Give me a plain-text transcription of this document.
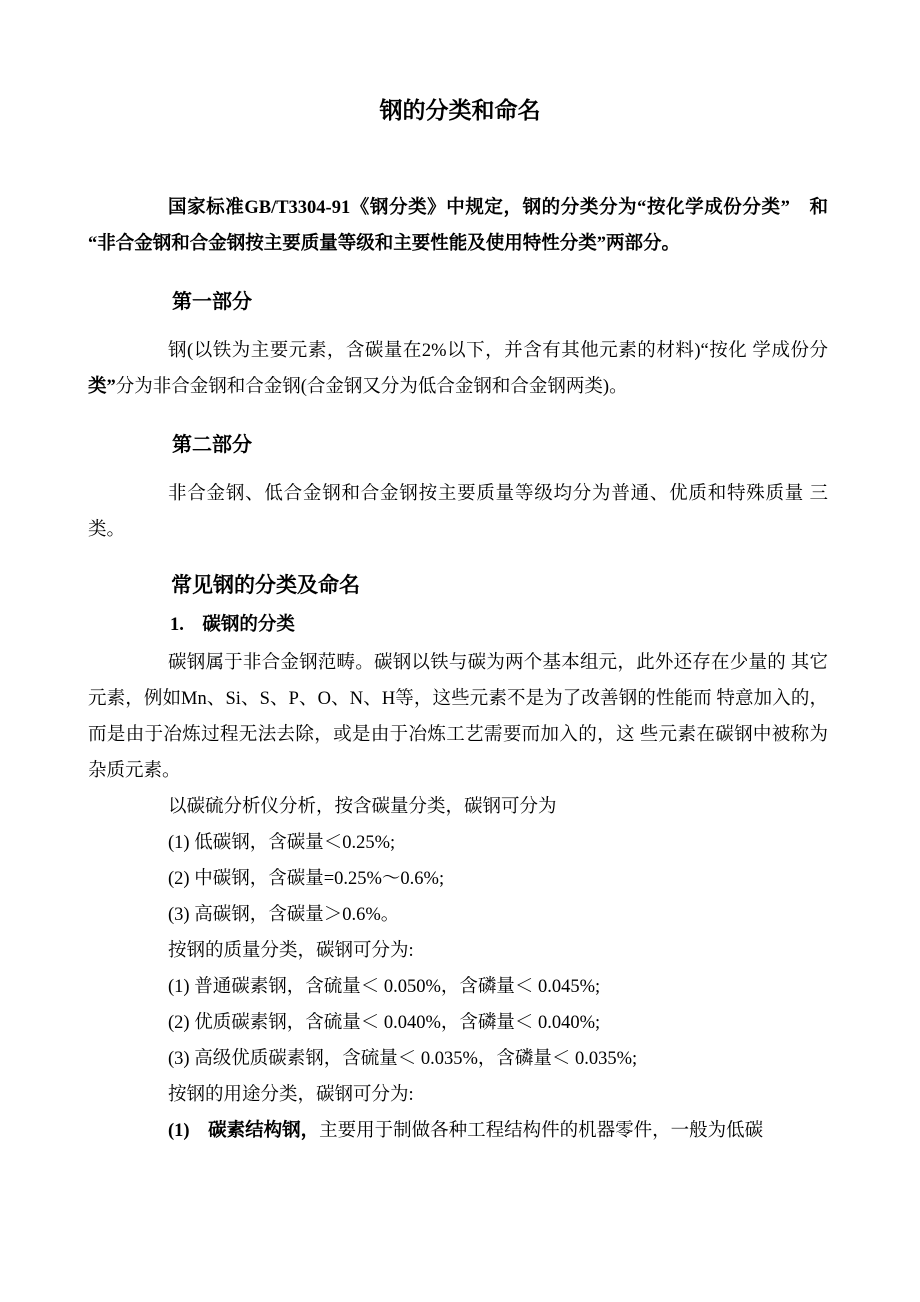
钢的分类和命名

国家标准GB/T3304-91《钢分类》中规定，钢的分类分为“按化学成份分类”　和 “非合金钢和合金钢按主要质量等级和主要性能及使用特性分类”两部分。

第一部分

钢(以铁为主要元素，含碳量在2%以下，并含有其他元素的材料)“按化 学成份分类”分为非合金钢和合金钢(合金钢又分为低合金钢和合金钢两类)。

第二部分

非合金钢、低合金钢和合金钢按主要质量等级均分为普通、优质和特殊质量 三类。

常见钢的分类及命名
1.　碳钢的分类

碳钢属于非合金钢范畴。碳钢以铁与碳为两个基本组元，此外还存在少量的 其它元素，例如Mn、Si、S、P、O、N、H等，这些元素不是为了改善钢的性能而 特意加入的，而是由于冶炼过程无法去除，或是由于冶炼工艺需要而加入的，这 些元素在碳钢中被称为杂质元素。

以碳硫分析仪分析，按含碳量分类，碳钢可分为

(1) 低碳钢，含碳量＜0.25%;

(2) 中碳钢，含碳量=0.25%〜0.6%;

(3) 高碳钢，含碳量＞0.6%。

按钢的质量分类，碳钢可分为:

(1) 普通碳素钢，含硫量＜ 0.050%，含磷量＜ 0.045%;

(2) 优质碳素钢，含硫量＜ 0.040%，含磷量＜ 0.040%;

(3) 高级优质碳素钢，含硫量＜ 0.035%，含磷量＜ 0.035%;

按钢的用途分类，碳钢可分为:

(1)　碳素结构钢，主要用于制做各种工程结构件的机器零件，一般为低碳
